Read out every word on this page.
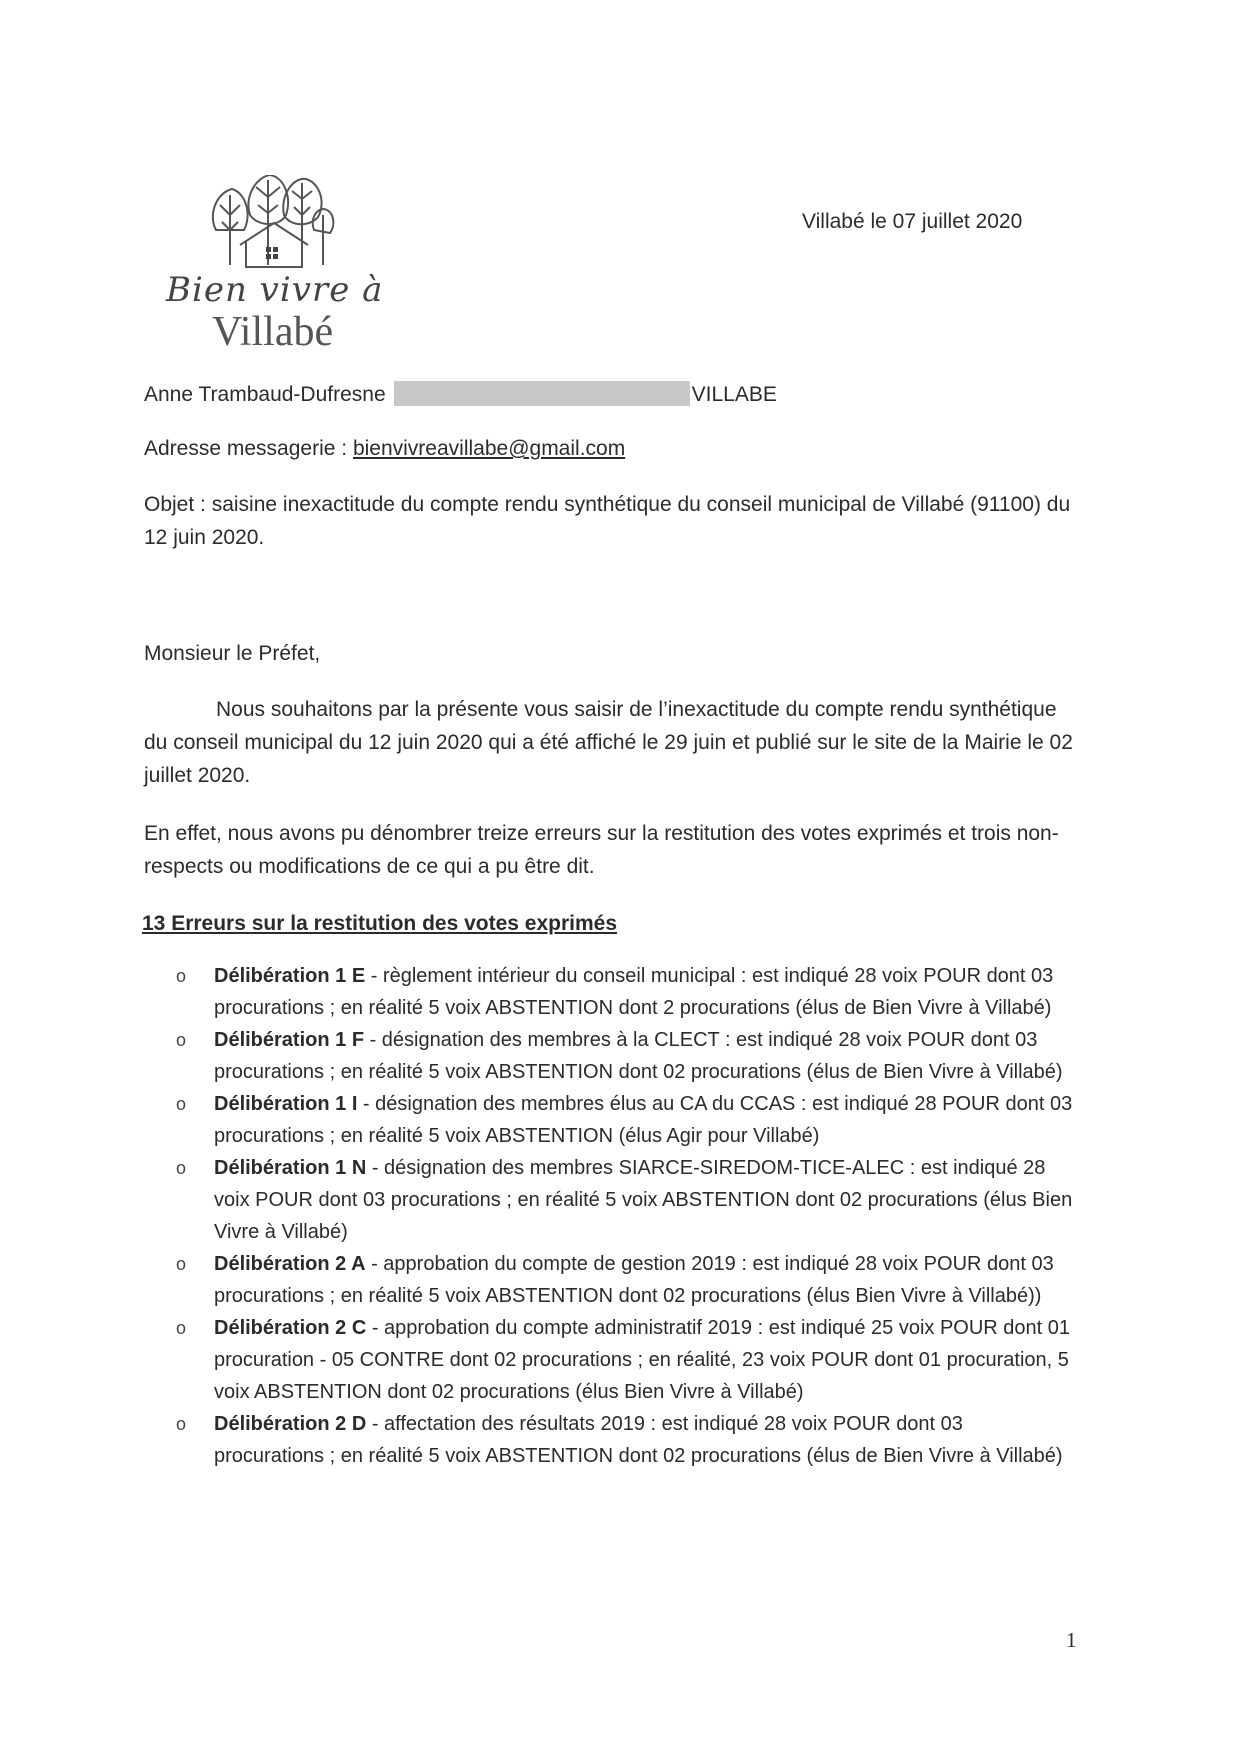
Bien vivre à
Villabé
Villabé le 07 juillet 2020
Anne Trambaud-Dufresne	VILLABE
Adresse messagerie : bienvivreavillabe@gmail.com

Objet : saisine inexactitude du compte rendu synthétique du conseil municipal de Villabé (91100) du 12 juin 2020.

Monsieur le Préfet,

Nous souhaitons par la présente vous saisir de l’inexactitude du compte rendu synthétique du conseil municipal du 12 juin 2020 qui a été affiché le 29 juin et publié sur le site de la Mairie le 02 juillet 2020.

En effet, nous avons pu dénombrer treize erreurs sur la restitution des votes exprimés et trois non-respects ou modifications de ce qui a pu être dit.

13 Erreurs sur la restitution des votes exprimés
o Délibération 1 E - règlement intérieur du conseil municipal : est indiqué 28 voix POUR dont 03 procurations ; en réalité 5 voix ABSTENTION dont 2 procurations (élus de Bien Vivre à Villabé)
o Délibération 1 F - désignation des membres à la CLECT : est indiqué 28 voix POUR dont 03 procurations ; en réalité 5 voix ABSTENTION dont 02 procurations (élus de Bien Vivre à Villabé)
o Délibération 1 I - désignation des membres élus au CA du CCAS : est indiqué 28 POUR dont 03 procurations ; en réalité 5 voix ABSTENTION (élus Agir pour Villabé)
o Délibération 1 N - désignation des membres SIARCE-SIREDOM-TICE-ALEC : est indiqué 28 voix POUR dont 03 procurations ; en réalité 5 voix ABSTENTION dont 02 procurations (élus Bien Vivre à Villabé)
o Délibération 2 A - approbation du compte de gestion 2019 : est indiqué 28 voix POUR dont 03 procurations ; en réalité 5 voix ABSTENTION dont 02 procurations (élus Bien Vivre à Villabé))
o Délibération 2 C - approbation du compte administratif 2019 : est indiqué 25 voix POUR dont 01 procuration - 05 CONTRE dont 02 procurations ; en réalité, 23 voix POUR dont 01 procuration, 5 voix ABSTENTION dont 02 procurations (élus Bien Vivre à Villabé)
o Délibération 2 D - affectation des résultats 2019 : est indiqué 28 voix POUR dont 03 procurations ; en réalité 5 voix ABSTENTION dont 02 procurations (élus de Bien Vivre à Villabé)
1
